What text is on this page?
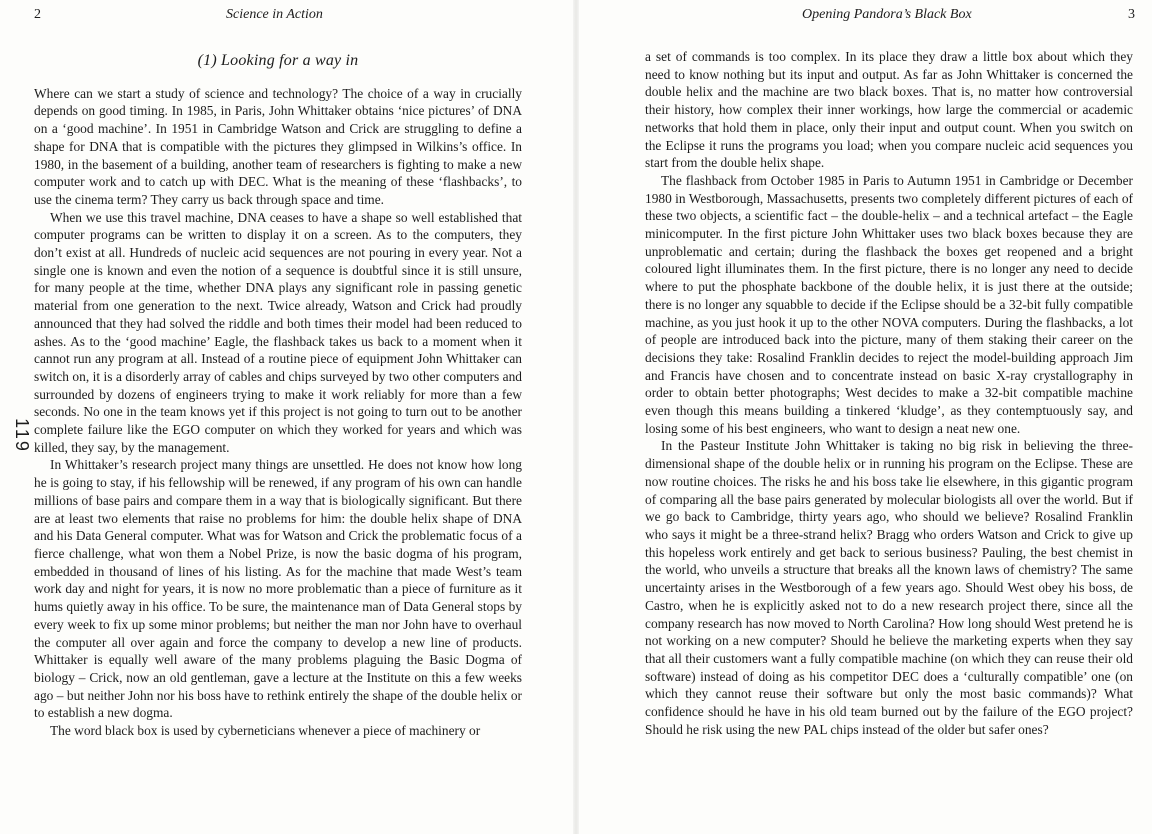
2	Science in Action
119
(1) Looking for a way in

Where can we start a study of science and technology? The choice of a way in crucially depends on good timing. In 1985, in Paris, John Whittaker obtains ‘nice pictures’ of DNA on a ‘good machine’. In 1951 in Cambridge Watson and Crick are struggling to define a shape for DNA that is compatible with the pictures they glimpsed in Wilkins’s office. In 1980, in the basement of a building, another team of researchers is fighting to make a new computer work and to catch up with DEC. What is the meaning of these ‘flashbacks’, to use the cinema term? They carry us back through space and time.

When we use this travel machine, DNA ceases to have a shape so well established that computer programs can be written to display it on a screen. As to the computers, they don’t exist at all. Hundreds of nucleic acid sequences are not pouring in every year. Not a single one is known and even the notion of a sequence is doubtful since it is still unsure, for many people at the time, whether DNA plays any significant role in passing genetic material from one generation to the next. Twice already, Watson and Crick had proudly announced that they had solved the riddle and both times their model had been reduced to ashes. As to the ‘good machine’ Eagle, the flashback takes us back to a moment when it cannot run any program at all. Instead of a routine piece of equipment John Whittaker can switch on, it is a disorderly array of cables and chips surveyed by two other computers and surrounded by dozens of engineers trying to make it work reliably for more than a few seconds. No one in the team knows yet if this project is not going to turn out to be another complete failure like the EGO computer on which they worked for years and which was killed, they say, by the management.

In Whittaker’s research project many things are unsettled. He does not know how long he is going to stay, if his fellowship will be renewed, if any program of his own can handle millions of base pairs and compare them in a way that is biologically significant. But there are at least two elements that raise no problems for him: the double helix shape of DNA and his Data General computer. What was for Watson and Crick the problematic focus of a fierce challenge, what won them a Nobel Prize, is now the basic dogma of his program, embedded in thousand of lines of his listing. As for the machine that made West’s team work day and night for years, it is now no more problematic than a piece of furniture as it hums quietly away in his office. To be sure, the maintenance man of Data General stops by every week to fix up some minor problems; but neither the man nor John have to overhaul the computer all over again and force the company to develop a new line of products. Whittaker is equally well aware of the many problems plaguing the Basic Dogma of biology – Crick, now an old gentleman, gave a lecture at the Institute on this a few weeks ago – but neither John nor his boss have to rethink entirely the shape of the double helix or to establish a new dogma.

The word black box is used by cyberneticians whenever a piece of machinery or

Opening Pandora’s Black Box	3

a set of commands is too complex. In its place they draw a little box about which they need to know nothing but its input and output. As far as John Whittaker is concerned the double helix and the machine are two black boxes. That is, no matter how controversial their history, how complex their inner workings, how large the commercial or academic networks that hold them in place, only their input and output count. When you switch on the Eclipse it runs the programs you load; when you compare nucleic acid sequences you start from the double helix shape.

The flashback from October 1985 in Paris to Autumn 1951 in Cambridge or December 1980 in Westborough, Massachusetts, presents two completely different pictures of each of these two objects, a scientific fact – the double-helix – and a technical artefact – the Eagle minicomputer. In the first picture John Whittaker uses two black boxes because they are unproblematic and certain; during the flashback the boxes get reopened and a bright coloured light illuminates them. In the first picture, there is no longer any need to decide where to put the phosphate backbone of the double helix, it is just there at the outside; there is no longer any squabble to decide if the Eclipse should be a 32-bit fully compatible machine, as you just hook it up to the other NOVA computers. During the flashbacks, a lot of people are introduced back into the picture, many of them staking their career on the decisions they take: Rosalind Franklin decides to reject the model-building approach Jim and Francis have chosen and to concentrate instead on basic X-ray crystallography in order to obtain better photographs; West decides to make a 32-bit compatible machine even though this means building a tinkered ‘kludge’, as they contemptuously say, and losing some of his best engineers, who want to design a neat new one.

In the Pasteur Institute John Whittaker is taking no big risk in believing the three-dimensional shape of the double helix or in running his program on the Eclipse. These are now routine choices. The risks he and his boss take lie elsewhere, in this gigantic program of comparing all the base pairs generated by molecular biologists all over the world. But if we go back to Cambridge, thirty years ago, who should we believe? Rosalind Franklin who says it might be a three-strand helix? Bragg who orders Watson and Crick to give up this hopeless work entirely and get back to serious business? Pauling, the best chemist in the world, who unveils a structure that breaks all the known laws of chemistry? The same uncertainty arises in the Westborough of a few years ago. Should West obey his boss, de Castro, when he is explicitly asked not to do a new research project there, since all the company research has now moved to North Carolina? How long should West pretend he is not working on a new computer? Should he believe the marketing experts when they say that all their customers want a fully compatible machine (on which they can reuse their old software) instead of doing as his competitor DEC does a ‘culturally compatible’ one (on which they cannot reuse their software but only the most basic commands)? What confidence should he have in his old team burned out by the failure of the EGO project? Should he risk using the new PAL chips instead of the older but safer ones?
